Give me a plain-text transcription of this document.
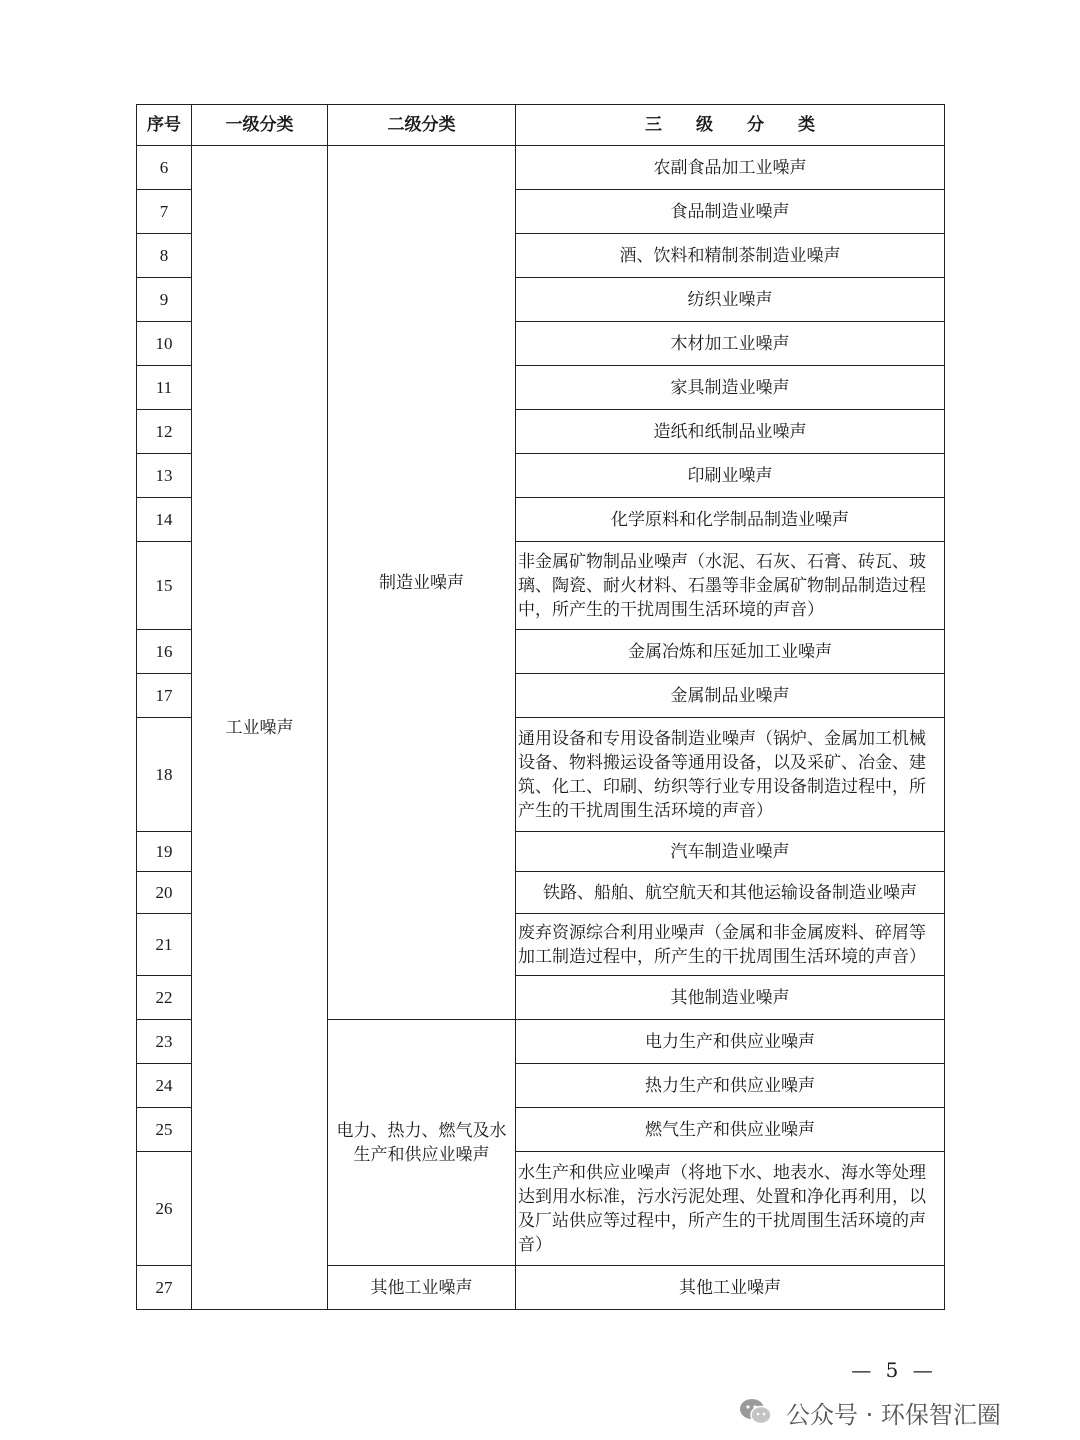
序号	一级分类	二级分类	三　　级　　分　　类
6	工业噪声	制造业噪声	农副食品加工业噪声
7			食品制造业噪声
8			酒、饮料和精制茶制造业噪声
9			纺织业噪声
10			木材加工业噪声
11			家具制造业噪声
12			造纸和纸制品业噪声
13			印刷业噪声
14			化学原料和化学制品制造业噪声
15			非金属矿物制品业噪声（水泥、石灰、石膏、砖瓦、玻璃、陶瓷、耐火材料、石墨等非金属矿物制品制造过程中，所产生的干扰周围生活环境的声音）
16			金属冶炼和压延加工业噪声
17			金属制品业噪声
18			通用设备和专用设备制造业噪声（锅炉、金属加工机械设备、物料搬运设备等通用设备，以及采矿、冶金、建筑、化工、印刷、纺织等行业专用设备制造过程中，所产生的干扰周围生活环境的声音）
19			汽车制造业噪声
20			铁路、船舶、航空航天和其他运输设备制造业噪声
21			废弃资源综合利用业噪声（金属和非金属废料、碎屑等加工制造过程中，所产生的干扰周围生活环境的声音）
22			其他制造业噪声
23		电力、热力、燃气及水生产和供应业噪声	电力生产和供应业噪声
24			热力生产和供应业噪声
25			燃气生产和供应业噪声
26			水生产和供应业噪声（将地下水、地表水、海水等处理达到用水标准，污水污泥处理、处置和净化再利用，以及厂站供应等过程中，所产生的干扰周围生活环境的声音）
27		其他工业噪声	其他工业噪声
— 5 —
公众号 · 环保智汇圈
